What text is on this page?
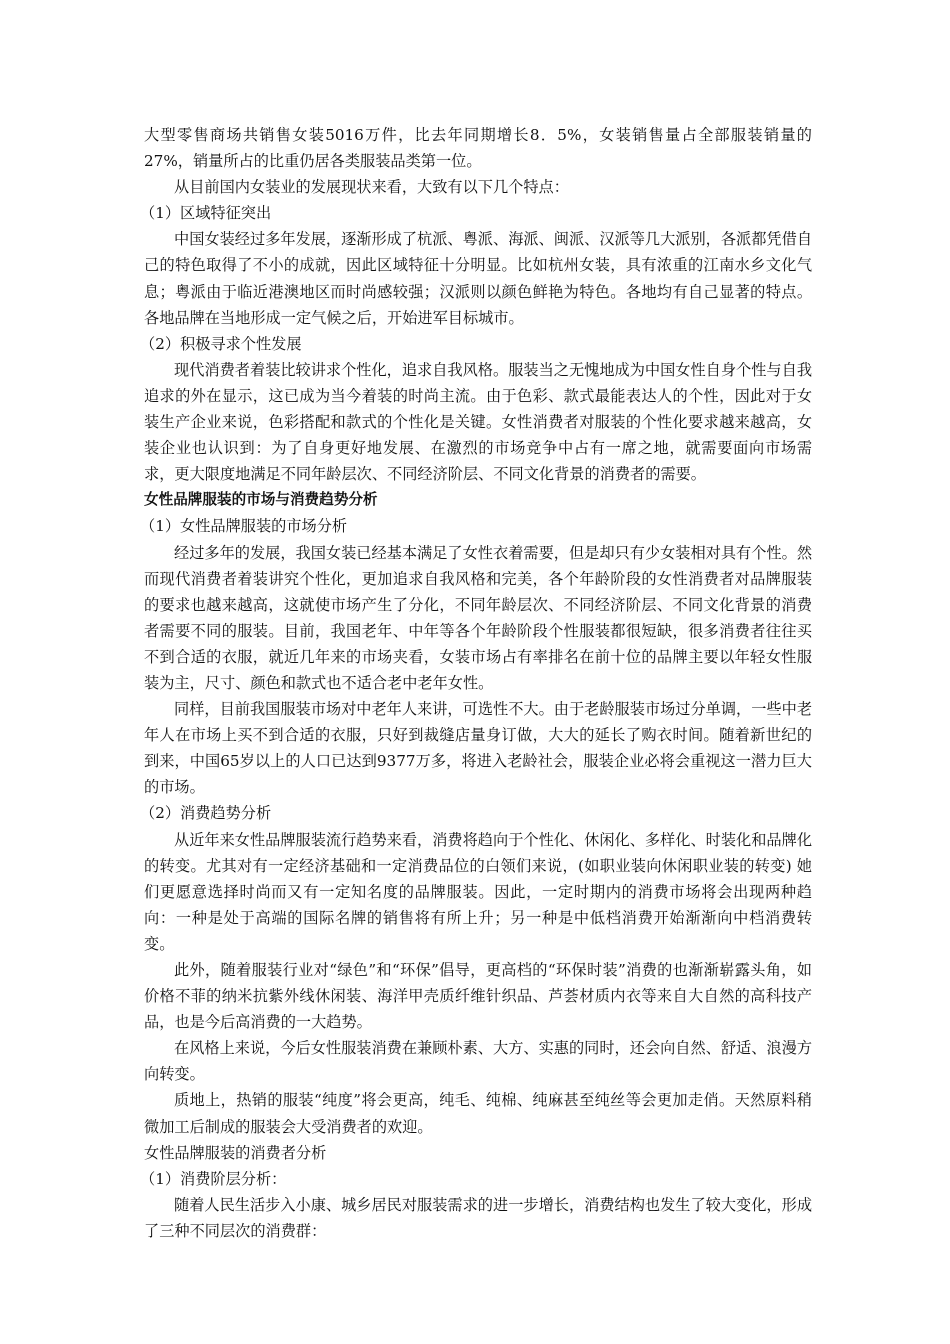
大型零售商场共销售女装5016万件，比去年同期增长8．5%，女装销售量占全部服装销量的27%，销量所占的比重仍居各类服装品类第一位。

从目前国内女装业的发展现状来看，大致有以下几个特点：

（1）区域特征突出

中国女装经过多年发展，逐渐形成了杭派、粤派、海派、闽派、汉派等几大派别，各派都凭借自己的特色取得了不小的成就，因此区域特征十分明显。比如杭州女装，具有浓重的江南水乡文化气息；粤派由于临近港澳地区而时尚感较强；汉派则以颜色鲜艳为特色。各地均有自己显著的特点。各地品牌在当地形成一定气候之后，开始进军目标城市。

（2）积极寻求个性发展

现代消费者着装比较讲求个性化，追求自我风格。服装当之无愧地成为中国女性自身个性与自我追求的外在显示，这已成为当今着装的时尚主流。由于色彩、款式最能表达人的个性，因此对于女装生产企业来说，色彩搭配和款式的个性化是关键。女性消费者对服装的个性化要求越来越高，女装企业也认识到：为了自身更好地发展、在激烈的市场竞争中占有一席之地，就需要面向市场需求，更大限度地满足不同年龄层次、不同经济阶层、不同文化背景的消费者的需要。

女性品牌服装的市场与消费趋势分析

（1）女性品牌服装的市场分析

经过多年的发展，我国女装已经基本满足了女性衣着需要，但是却只有少女装相对具有个性。然而现代消费者着装讲究个性化，更加追求自我风格和完美，各个年龄阶段的女性消费者对品牌服装的要求也越来越高，这就使市场产生了分化，不同年龄层次、不同经济阶层、不同文化背景的消费者需要不同的服装。目前，我国老年、中年等各个年龄阶段个性服装都很短缺，很多消费者往往买不到合适的衣服，就近几年来的市场夹看，女装市场占有率排名在前十位的品牌主要以年轻女性服装为主，尺寸、颜色和款式也不适合老中老年女性。

同样，目前我国服装市场对中老年人来讲，可选性不大。由于老龄服装市场过分单调，一些中老年人在市场上买不到合适的衣服，只好到裁缝店量身订做，大大的延长了购衣时间。随着新世纪的到来，中国65岁以上的人口已达到9377万多，将进入老龄社会，服装企业必将会重视这一潜力巨大的市场。

（2）消费趋势分析

从近年来女性品牌服装流行趋势来看，消费将趋向于个性化、休闲化、多样化、时装化和品牌化的转变。尤其对有一定经济基础和一定消费品位的白领们来说，(如职业装向休闲职业装的转变) 她们更愿意选择时尚而又有一定知名度的品牌服装。因此，一定时期内的消费市场将会出现两种趋向：一种是处于高端的国际名牌的销售将有所上升；另一种是中低档消费开始渐渐向中档消费转变。

此外，随着服装行业对“绿色”和“环保”倡导，更高档的“环保时装”消费的也渐渐崭露头角，如价格不菲的纳米抗紫外线休闲装、海洋甲壳质纤维针织品、芦荟材质内衣等来自大自然的高科技产品，也是今后高消费的一大趋势。

在风格上来说，今后女性服装消费在兼顾朴素、大方、实惠的同时，还会向自然、舒适、浪漫方向转变。

质地上，热销的服装“纯度”将会更高，纯毛、纯棉、纯麻甚至纯丝等会更加走俏。天然原料稍微加工后制成的服装会大受消费者的欢迎。

女性品牌服装的消费者分析

（1）消费阶层分析：

随着人民生活步入小康、城乡居民对服装需求的进一步增长，消费结构也发生了较大变化，形成了三种不同层次的消费群：
